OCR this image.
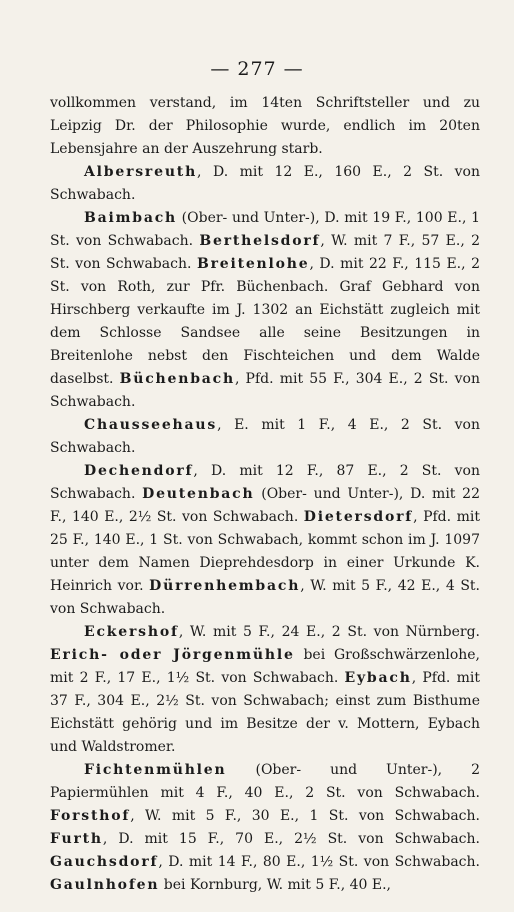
— 277 —

vollkommen verstand, im 14ten Schriftsteller und zu Leipzig Dr. der Philosophie wurde, endlich im 20ten Lebensjahre an der Auszehrung starb.

Albersreuth, D. mit 12 E., 160 E., 2 St. von Schwabach.

Baimbach (Ober- und Unter-), D. mit 19 F., 100 E., 1 St. von Schwabach. Berthelsdorf, W. mit 7 F., 57 E., 2 St. von Schwabach. Breitenlohe, D. mit 22 F., 115 E., 2 St. von Roth, zur Pfr. Büchenbach. Graf Gebhard von Hirschberg verkaufte im J. 1302 an Eichstätt zugleich mit dem Schlosse Sandsee alle seine Besitzungen in Breitenlohe nebst den Fischteichen und dem Walde daselbst. Büchenbach, Pfd. mit 55 F., 304 E., 2 St. von Schwabach.

Chausseehaus, E. mit 1 F., 4 E., 2 St. von Schwabach.

Dechendorf, D. mit 12 F., 87 E., 2 St. von Schwabach. Deutenbach (Ober- und Unter-), D. mit 22 F., 140 E., 2½ St. von Schwabach. Dietersdorf, Pfd. mit 25 F., 140 E., 1 St. von Schwabach, kommt schon im J. 1097 unter dem Namen Dieprehdesdorp in einer Urkunde K. Heinrich vor. Dürrenhembach, W. mit 5 F., 42 E., 4 St. von Schwabach.

Eckershof, W. mit 5 F., 24 E., 2 St. von Nürnberg. Erich- oder Jörgenmühle bei Großschwärzenlohe, mit 2 F., 17 E., 1½ St. von Schwabach. Eybach, Pfd. mit 37 F., 304 E., 2½ St. von Schwabach; einst zum Bisthume Eichstätt gehörig und im Besitze der v. Mottern, Eybach und Waldstromer.

Fichtenmühlen (Ober- und Unter-), 2 Papiermühlen mit 4 F., 40 E., 2 St. von Schwabach. Forsthof, W. mit 5 F., 30 E., 1 St. von Schwabach. Furth, D. mit 15 F., 70 E., 2½ St. von Schwabach. Gauchsdorf, D. mit 14 F., 80 E., 1½ St. von Schwabach. Gaulnhofen bei Kornburg, W. mit 5 F., 40 E.,
